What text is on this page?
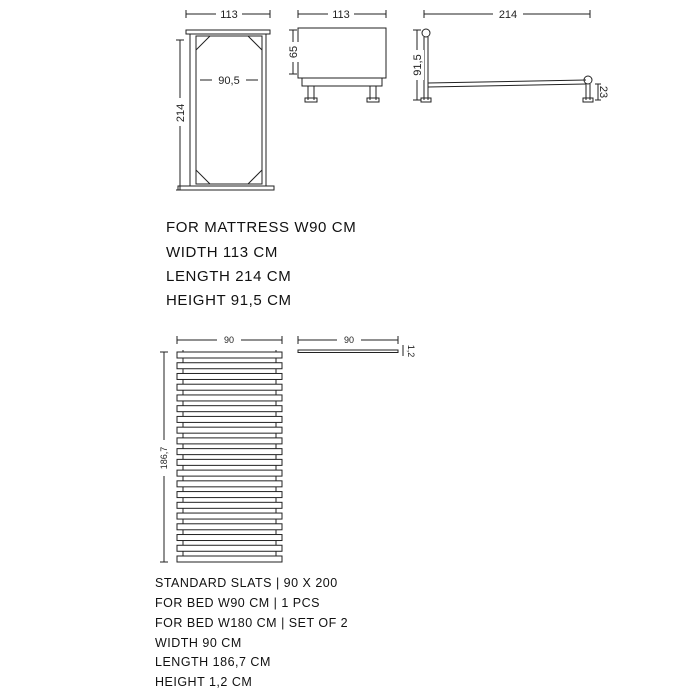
113
90,5
214
113
65
214
91,5
23
90
186,7
90
1,2
FOR MATTRESS W90 CM
WIDTH 113 CM
LENGTH 214 CM
HEIGHT 91,5 CM
STANDARD SLATS | 90 X 200
FOR BED W90 CM | 1 PCS
FOR BED W180 CM | SET OF 2
WIDTH 90 CM
LENGTH 186,7 CM
HEIGHT 1,2 CM
